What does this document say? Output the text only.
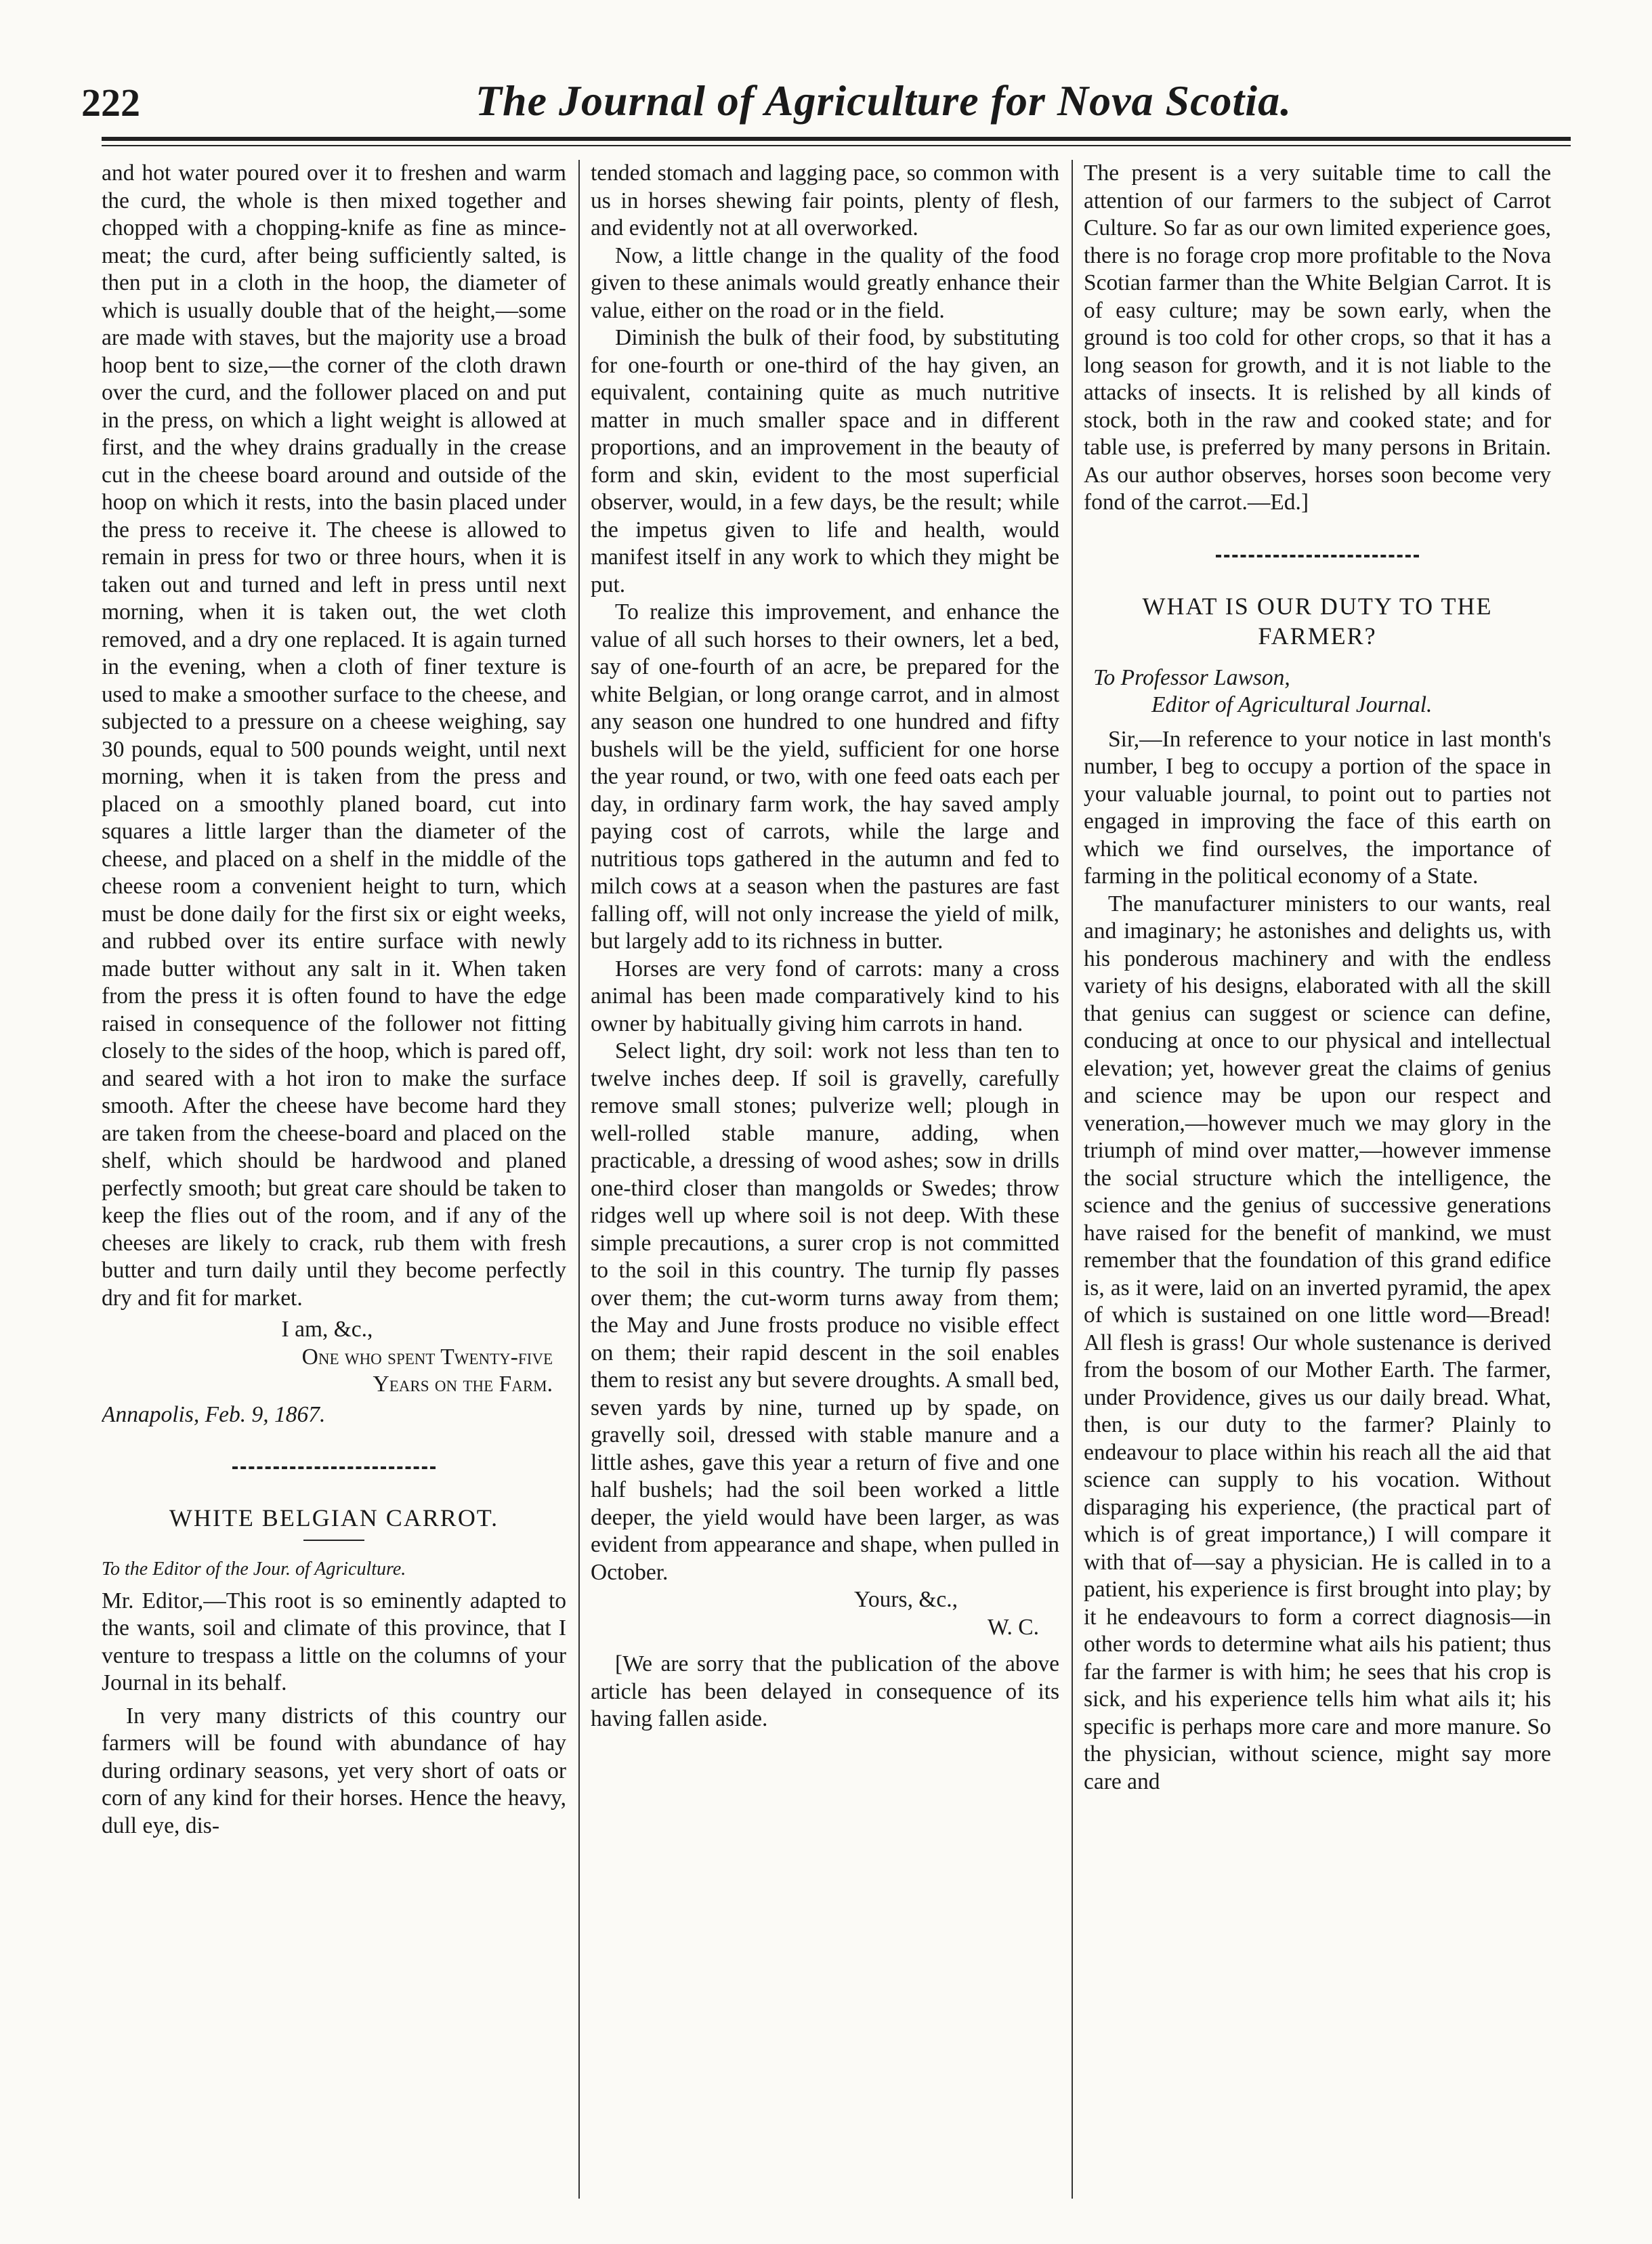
222	The Journal of Agriculture for Nova Scotia.

and hot water poured over it to freshen and warm the curd, the whole is then mixed together and chopped with a chopping-knife as fine as mince-meat; the curd, after being sufficiently salted, is then put in a cloth in the hoop, the diameter of which is usually double that of the height,—some are made with staves, but the majority use a broad hoop bent to size,—the corner of the cloth drawn over the curd, and the follower placed on and put in the press, on which a light weight is allowed at first, and the whey drains gradually in the crease cut in the cheese board around and outside of the hoop on which it rests, into the basin placed under the press to receive it. The cheese is allowed to remain in press for two or three hours, when it is taken out and turned and left in press until next morning, when it is taken out, the wet cloth removed, and a dry one replaced. It is again turned in the evening, when a cloth of finer texture is used to make a smoother surface to the cheese, and subjected to a pressure on a cheese weighing, say 30 pounds, equal to 500 pounds weight, until next morning, when it is taken from the press and placed on a smoothly planed board, cut into squares a little larger than the diameter of the cheese, and placed on a shelf in the middle of the cheese room a convenient height to turn, which must be done daily for the first six or eight weeks, and rubbed over its entire surface with newly made butter without any salt in it. When taken from the press it is often found to have the edge raised in consequence of the follower not fitting closely to the sides of the hoop, which is pared off, and seared with a hot iron to make the surface smooth. After the cheese have become hard they are taken from the cheese-board and placed on the shelf, which should be hardwood and planed perfectly smooth; but great care should be taken to keep the flies out of the room, and if any of the cheeses are likely to crack, rub them with fresh butter and turn daily until they become perfectly dry and fit for market.

I am, &c.,

One who spent Twenty-five

Years on the Farm.

Annapolis, Feb. 9, 1867.

WHITE BELGIAN CARROT.

To the Editor of the Jour. of Agriculture.

Mr. Editor,—This root is so eminently adapted to the wants, soil and climate of this province, that I venture to trespass a little on the columns of your Journal in its behalf.

In very many districts of this country our farmers will be found with abundance of hay during ordinary seasons, yet very short of oats or corn of any kind for their horses. Hence the heavy, dull eye, dis-

tended stomach and lagging pace, so common with us in horses shewing fair points, plenty of flesh, and evidently not at all overworked.

Now, a little change in the quality of the food given to these animals would greatly enhance their value, either on the road or in the field.

Diminish the bulk of their food, by substituting for one-fourth or one-third of the hay given, an equivalent, containing quite as much nutritive matter in much smaller space and in different proportions, and an improvement in the beauty of form and skin, evident to the most superficial observer, would, in a few days, be the result; while the impetus given to life and health, would manifest itself in any work to which they might be put.

To realize this improvement, and enhance the value of all such horses to their owners, let a bed, say of one-fourth of an acre, be prepared for the white Belgian, or long orange carrot, and in almost any season one hundred to one hundred and fifty bushels will be the yield, sufficient for one horse the year round, or two, with one feed oats each per day, in ordinary farm work, the hay saved amply paying cost of carrots, while the large and nutritious tops gathered in the autumn and fed to milch cows at a season when the pastures are fast falling off, will not only increase the yield of milk, but largely add to its richness in butter.

Horses are very fond of carrots: many a cross animal has been made comparatively kind to his owner by habitually giving him carrots in hand.

Select light, dry soil: work not less than ten to twelve inches deep. If soil is gravelly, carefully remove small stones; pulverize well; plough in well-rolled stable manure, adding, when practicable, a dressing of wood ashes; sow in drills one-third closer than mangolds or Swedes; throw ridges well up where soil is not deep. With these simple precautions, a surer crop is not committed to the soil in this country. The turnip fly passes over them; the cut-worm turns away from them; the May and June frosts produce no visible effect on them; their rapid descent in the soil enables them to resist any but severe droughts. A small bed, seven yards by nine, turned up by spade, on gravelly soil, dressed with stable manure and a little ashes, gave this year a return of five and one half bushels; had the soil been worked a little deeper, the yield would have been larger, as was evident from appearance and shape, when pulled in October.

Yours, &c.,

W. C.

[We are sorry that the publication of the above article has been delayed in consequence of its having fallen aside.

The present is a very suitable time to call the attention of our farmers to the subject of Carrot Culture. So far as our own limited experience goes, there is no forage crop more profitable to the Nova Scotian farmer than the White Belgian Carrot. It is of easy culture; may be sown early, when the ground is too cold for other crops, so that it has a long season for growth, and it is not liable to the attacks of insects. It is relished by all kinds of stock, both in the raw and cooked state; and for table use, is preferred by many persons in Britain. As our author observes, horses soon become very fond of the carrot.—Ed.]

WHAT IS OUR DUTY TO THE FARMER?

To Professor Lawson,

Editor of Agricultural Journal.

Sir,—In reference to your notice in last month's number, I beg to occupy a portion of the space in your valuable journal, to point out to parties not engaged in improving the face of this earth on which we find ourselves, the importance of farming in the political economy of a State.

The manufacturer ministers to our wants, real and imaginary; he astonishes and delights us, with his ponderous machinery and with the endless variety of his designs, elaborated with all the skill that genius can suggest or science can define, conducing at once to our physical and intellectual elevation; yet, however great the claims of genius and science may be upon our respect and veneration,—however much we may glory in the triumph of mind over matter,—however immense the social structure which the intelligence, the science and the genius of successive generations have raised for the benefit of mankind, we must remember that the foundation of this grand edifice is, as it were, laid on an inverted pyramid, the apex of which is sustained on one little word—Bread! All flesh is grass! Our whole sustenance is derived from the bosom of our Mother Earth. The farmer, under Providence, gives us our daily bread. What, then, is our duty to the farmer? Plainly to endeavour to place within his reach all the aid that science can supply to his vocation. Without disparaging his experience, (the practical part of which is of great importance,) I will compare it with that of—say a physician. He is called in to a patient, his experience is first brought into play; by it he endeavours to form a correct diagnosis—in other words to determine what ails his patient; thus far the farmer is with him; he sees that his crop is sick, and his experience tells him what ails it; his specific is perhaps more care and more manure. So the physician, without science, might say more care and
